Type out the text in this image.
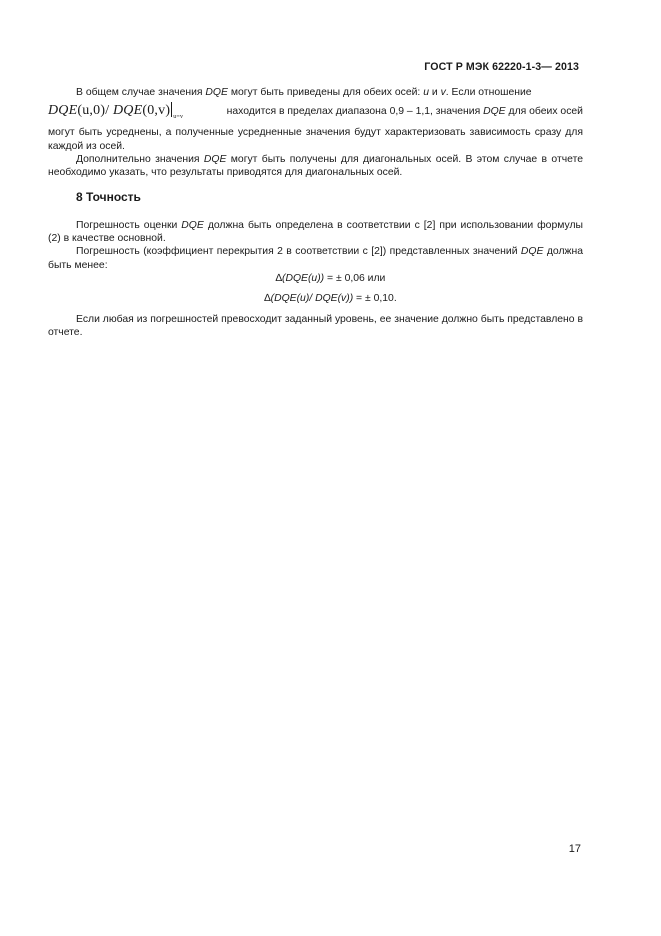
ГОСТ Р МЭК 62220-1-3— 2013

В общем случае значения DQE могут быть приведены для обеих осей: u и v. Если отношение

DQE(u,0)/ DQE(0,v) $_{u=v}$	находится в пределах диапазона 0,9 – 1,1, значения DQE для обеих осей

могут быть усреднены, а полученные усредненные значения будут характеризовать зависимость сразу для каждой из осей.

Дополнительно значения DQE могут быть получены для диагональных осей. В этом случае в отчете необходимо указать, что результаты приводятся для диагональных осей.

8 Точность

Погрешность оценки DQE должна быть определена в соответствии с [2] при использовании формулы (2) в качестве основной.

Погрешность (коэффициент перекрытия 2 в соответствии с [2]) представленных значений DQE должна быть менее:

∆(DQE(u)) = ± 0,06 или
∆(DQE(u)/ DQE(v)) = ± 0,10.

Если любая из погрешностей превосходит заданный уровень, ее значение должно быть представлено в отчете.

17
